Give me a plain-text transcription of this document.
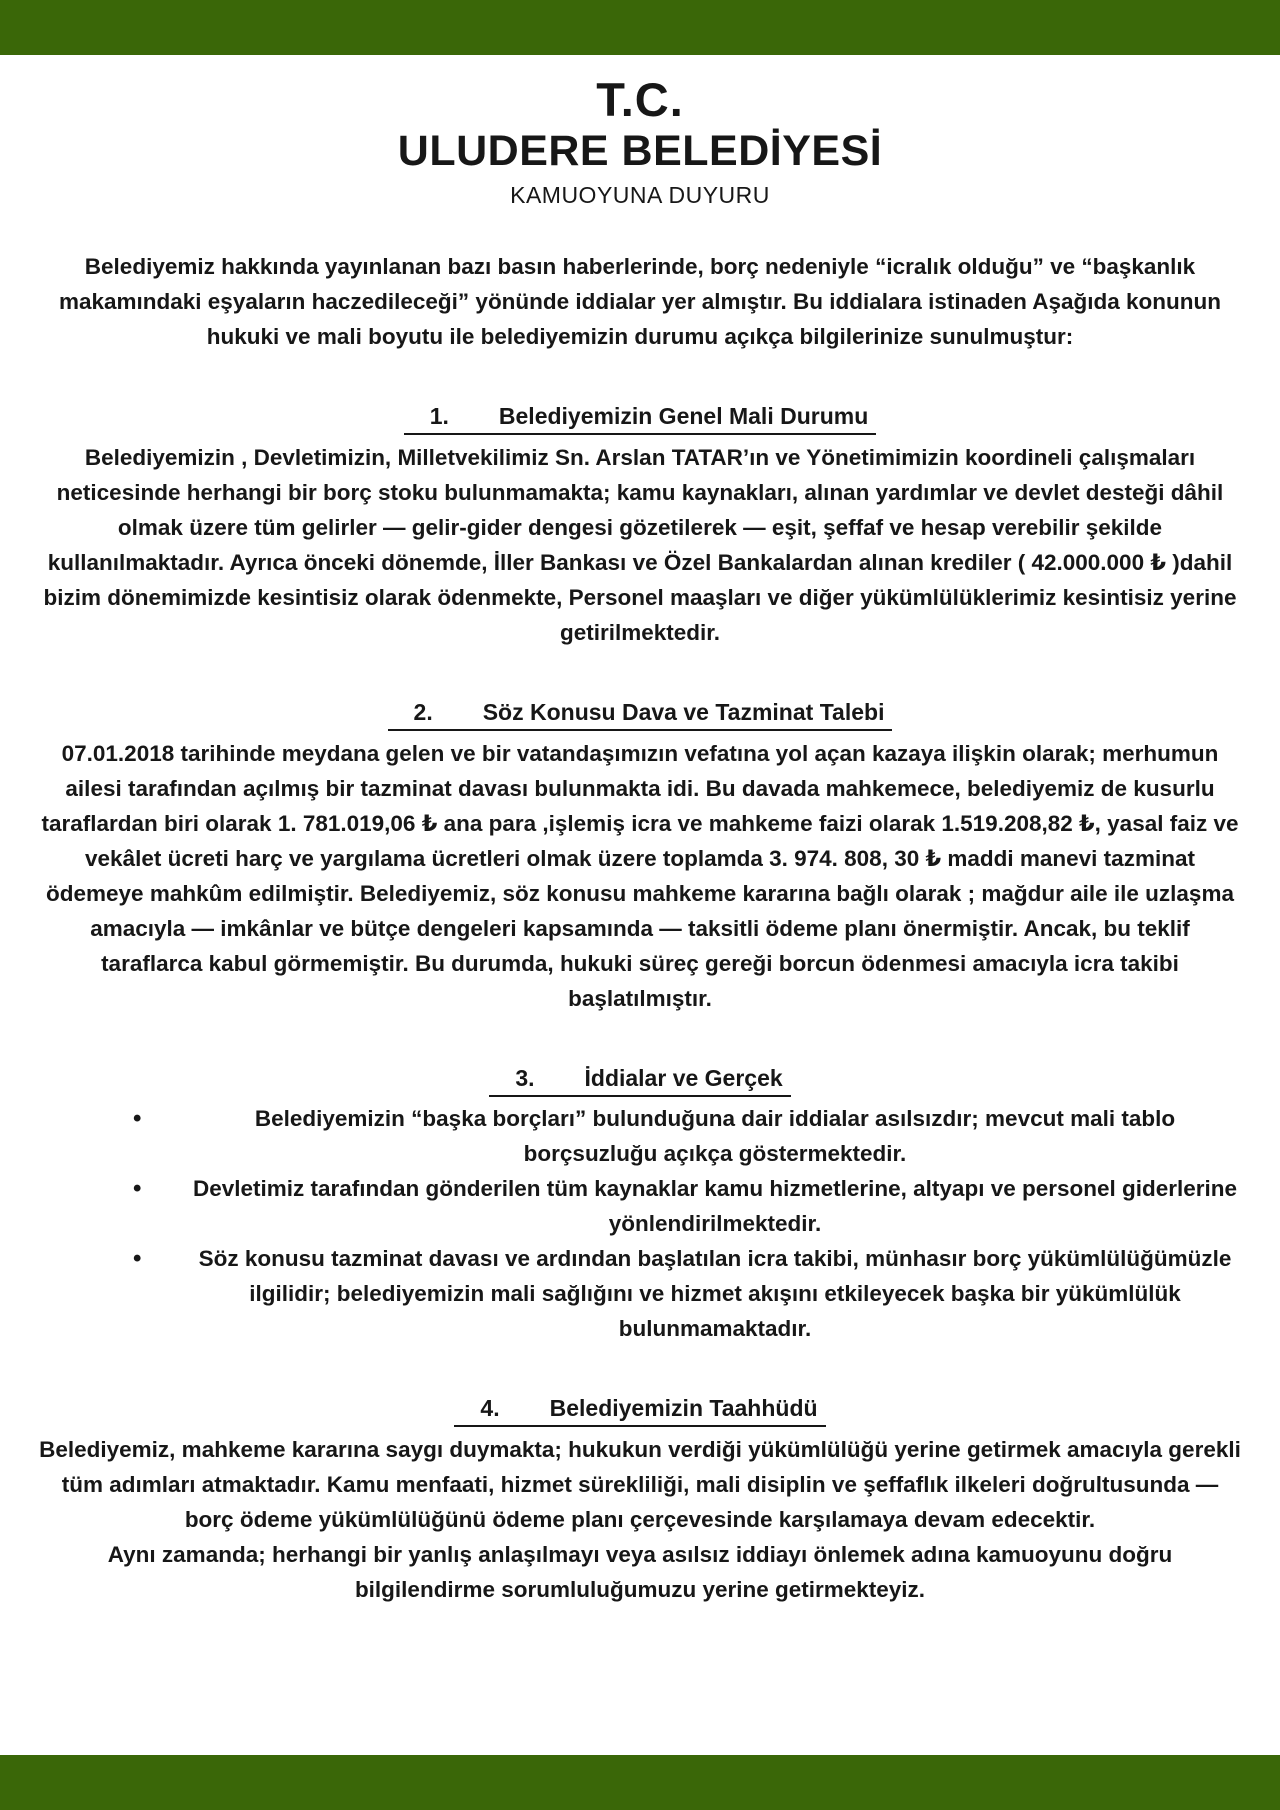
T.C.
ULUDERE BELEDİYESİ
KAMUOYUNA DUYURU

Belediyemiz hakkında yayınlanan bazı basın haberlerinde, borç nedeniyle “icralık olduğu” ve “başkanlık makamındaki eşyaların haczedileceği” yönünde iddialar yer almıştır. Bu iddialara istinaden Aşağıda konunun hukuki ve mali boyutu ile belediyemizin durumu açıkça bilgilerinize sunulmuştur:

1. Belediyemizin Genel Mali Durumu

Belediyemizin , Devletimizin, Milletvekilimiz Sn. Arslan TATAR’ın ve Yönetimimizin koordineli çalışmaları neticesinde herhangi bir borç stoku bulunmamakta; kamu kaynakları, alınan yardımlar ve devlet desteği dâhil olmak üzere tüm gelirler — gelir-gider dengesi gözetilerek — eşit, şeffaf ve hesap verebilir şekilde kullanılmaktadır. Ayrıca önceki dönemde, İller Bankası ve Özel Bankalardan alınan krediler ( 42.000.000 ₺ )dahil bizim dönemimizde kesintisiz olarak ödenmekte, Personel maaşları ve diğer yükümlülüklerimiz kesintisiz yerine getirilmektedir.

2. Söz Konusu Dava ve Tazminat Talebi

07.01.2018 tarihinde meydana gelen ve bir vatandaşımızın vefatına yol açan kazaya ilişkin olarak; merhumun ailesi tarafından açılmış bir tazminat davası bulunmakta idi. Bu davada mahkemece, belediyemiz de kusurlu taraflardan biri olarak 1. 781.019,06 ₺ ana para ,işlemiş icra ve mahkeme faizi olarak 1.519.208,82 ₺, yasal faiz ve vekâlet ücreti harç ve yargılama ücretleri olmak üzere toplamda 3. 974. 808, 30 ₺ maddi manevi tazminat ödemeye mahkûm edilmiştir. Belediyemiz, söz konusu mahkeme kararına bağlı olarak ; mağdur aile ile uzlaşma amacıyla — imkânlar ve bütçe dengeleri kapsamında — taksitli ödeme planı önermiştir. Ancak, bu teklif taraflarca kabul görmemiştir. Bu durumda, hukuki süreç gereği borcun ödenmesi amacıyla icra takibi başlatılmıştır.

3. İddialar ve Gerçek
•	Belediyemizin “başka borçları” bulunduğuna dair iddialar asılsızdır; mevcut mali tablo borçsuzluğu açıkça göstermektedir.
• Devletimiz tarafından gönderilen tüm kaynaklar kamu hizmetlerine, altyapı ve personel giderlerine yönlendirilmektedir.
•	Söz konusu tazminat davası ve ardından başlatılan icra takibi, münhasır borç yükümlülüğümüzle ilgilidir; belediyemizin mali sağlığını ve hizmet akışını etkileyecek başka bir yükümlülük bulunmamaktadır.
4. Belediyemizin Taahhüdü

Belediyemiz, mahkeme kararına saygı duymakta; hukukun verdiği yükümlülüğü yerine getirmek amacıyla gerekli tüm adımları atmaktadır. Kamu menfaati, hizmet sürekliliği, mali disiplin ve şeffaflık ilkeleri doğrultusunda — borç ödeme yükümlülüğünü ödeme planı çerçevesinde karşılamaya devam edecektir.

Aynı zamanda; herhangi bir yanlış anlaşılmayı veya asılsız iddiayı önlemek adına kamuoyunu doğru bilgilendirme sorumluluğumuzu yerine getirmekteyiz.
